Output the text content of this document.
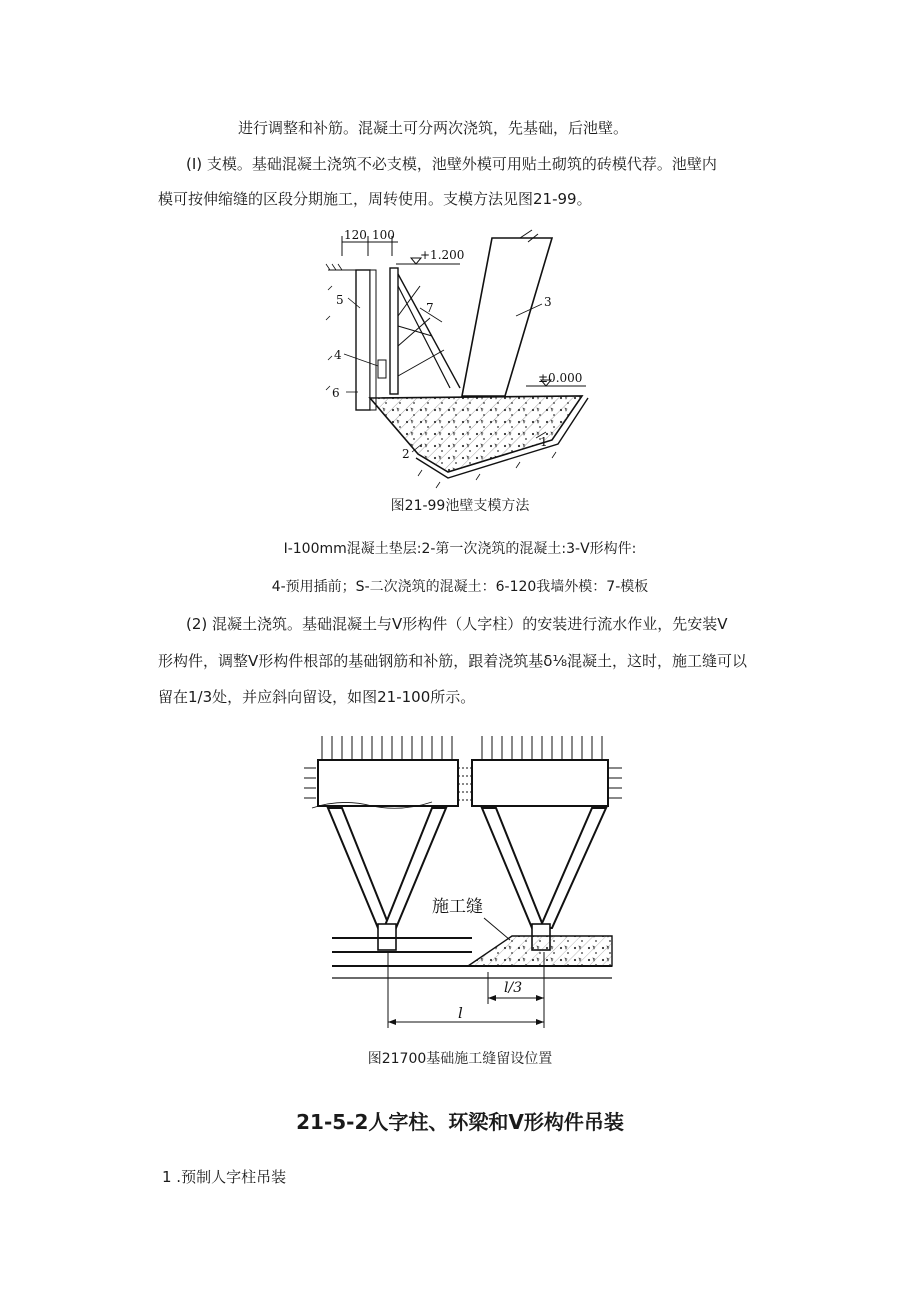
进行调整和补筋。混凝土可分两次浇筑，先基础，后池壁。
(I) 支模。基础混凝土浇筑不必支模，池壁外模可用贴土砌筑的砖模代荐。池壁内
模可按伸缩缝的区段分期施工，周转使用。支模方法见图21-99。
120 100
+1.200
±0.000
5
4
6
7	3
2
1
图21-99池壁支模方法
I-100mm混凝土垫层:2-第一次浇筑的混凝土:3-V形构件:
4-预用插前；S-二次浇筑的混凝土：6-120我墙外模：7-模板
(2) 混凝土浇筑。基础混凝土与V形构件（人字柱）的安装进行流水作业，先安装V
形构件，调整V形构件根部的基础钢筋和补筋，跟着浇筑基δ⅛混凝土，这时，施工缝可以
留在1/3处，并应斜向留设，如图21-100所示。
施工缝
l/3
l
图21700基础施工缝留设位置
21-5-2人字柱、环梁和V形构件吊装
1 .预制人字柱吊装
